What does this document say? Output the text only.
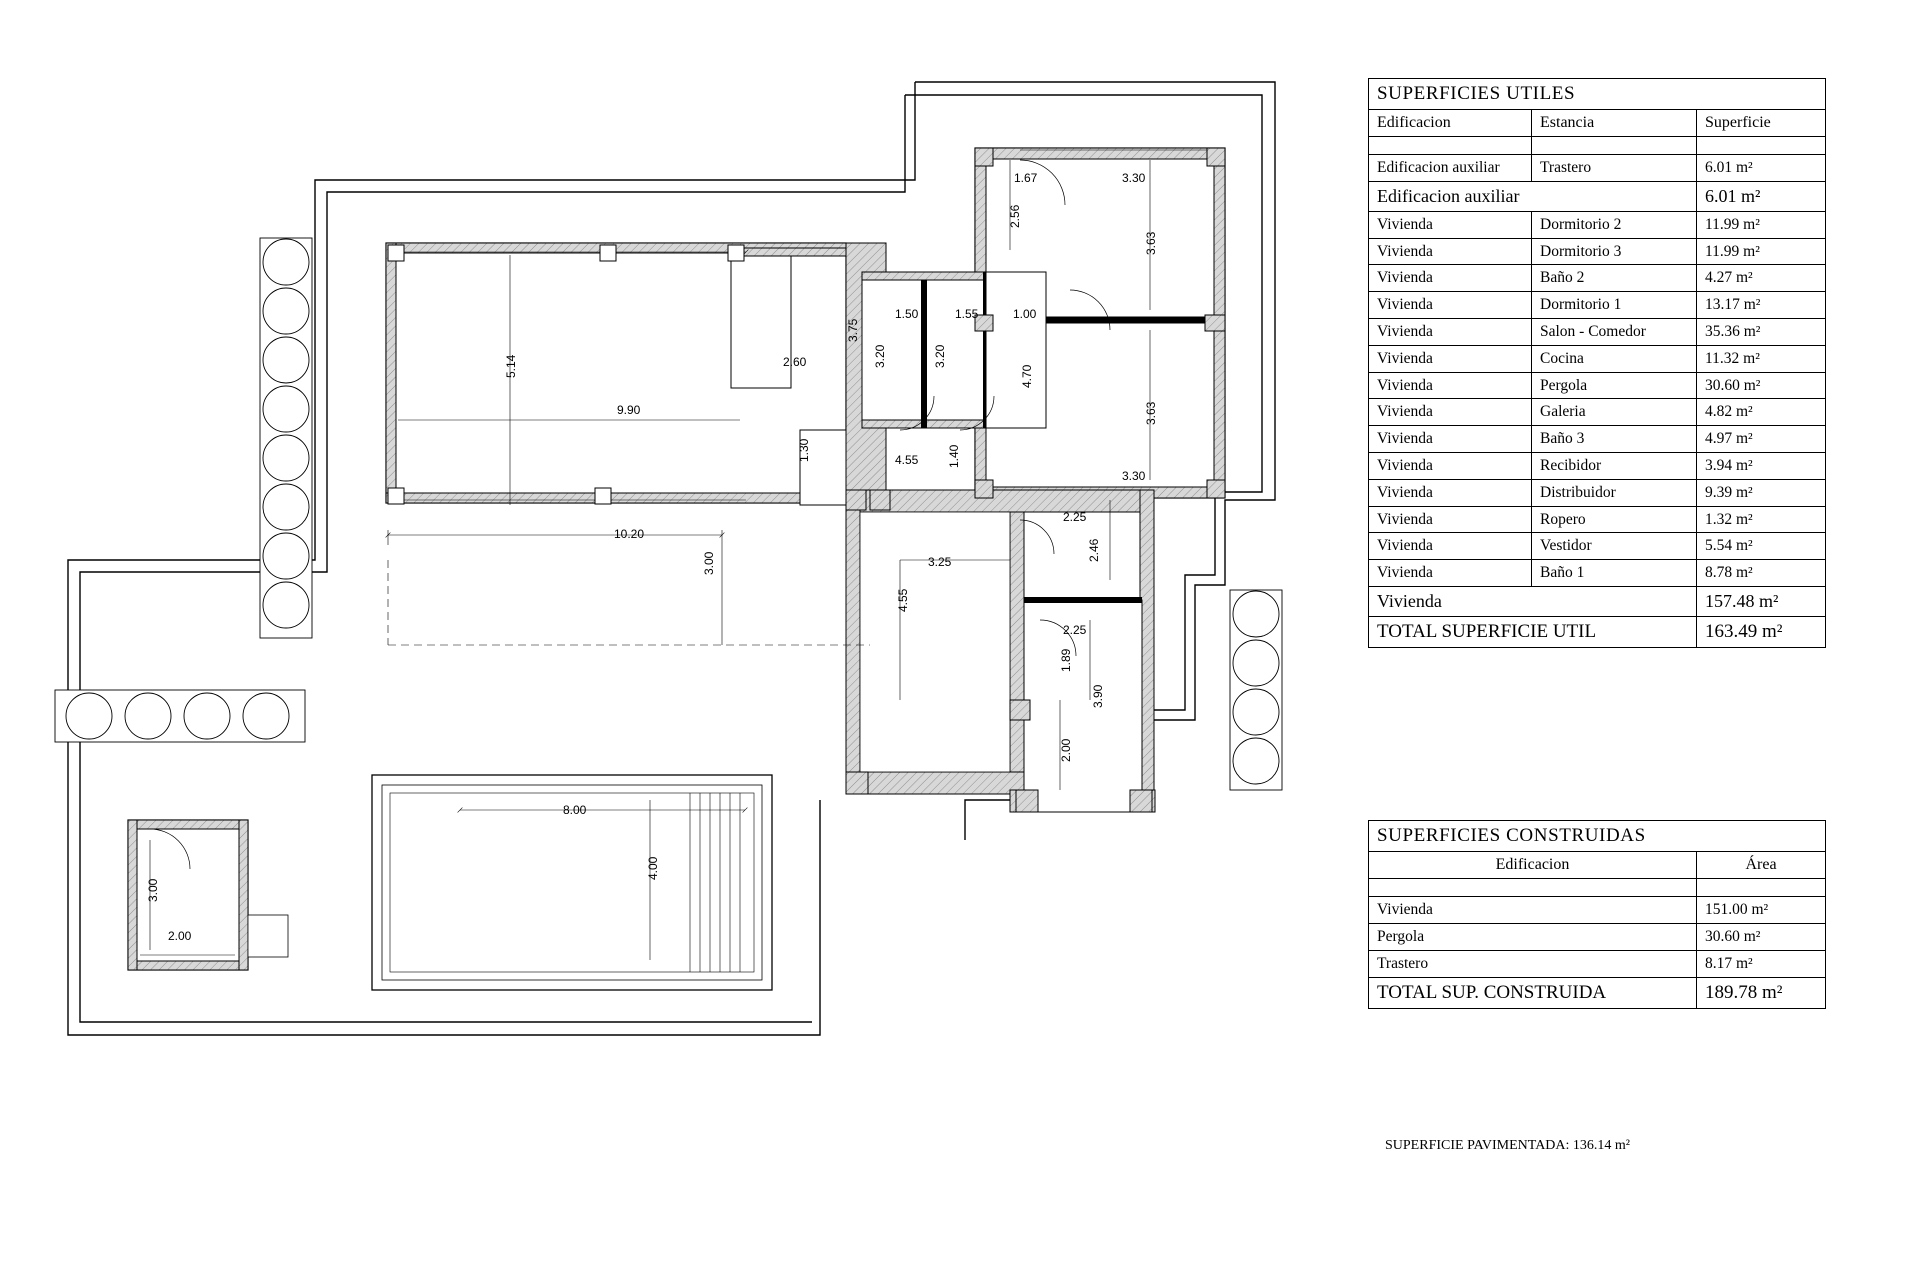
1.67	3.30
2.56
3.63
3.75
5.14
1.50	1.55	1.00
3.20	3.20
2.60
9.90
4.70
3.63
1.30	4.55 1.40
3.30
10.20
3.00
2.25
2.46
3.25
4.55
2.25
1.89
3.90
2.00
8.00
4.00
3.00
2.00
SUPERFICIES UTILES		
Edificacion	Estancia	Superficie

Edificacion auxiliar	Trastero	6.01 m²
Edificacion auxiliar		6.01 m²
Vivienda	Dormitorio 2	11.99 m²
Vivienda	Dormitorio 3	11.99 m²
Vivienda	Baño 2	4.27 m²
Vivienda	Dormitorio 1	13.17 m²
Vivienda	Salon - Comedor	35.36 m²
Vivienda	Cocina	11.32 m²
Vivienda	Pergola	30.60 m²
Vivienda	Galeria	4.82 m²
Vivienda	Baño 3	4.97 m²
Vivienda	Recibidor	3.94 m²
Vivienda	Distribuidor	9.39 m²
Vivienda	Ropero	1.32 m²
Vivienda	Vestidor	5.54 m²
Vivienda	Baño 1	8.78 m²
Vivienda		157.48 m²
TOTAL SUPERFICIE UTIL		163.49 m²
SUPERFICIES CONSTRUIDAS	
Edificacion	Área

Vivienda	151.00 m²
Pergola	30.60 m²
Trastero	8.17 m²
TOTAL SUP. CONSTRUIDA	189.78 m²
SUPERFICIE PAVIMENTADA: 136.14 m²
